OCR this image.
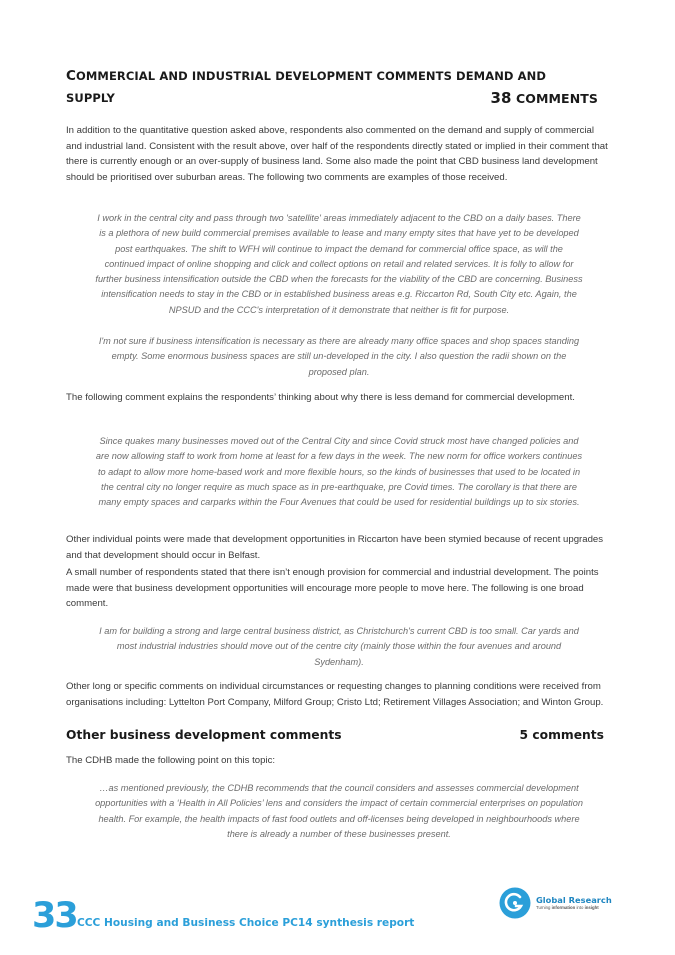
COMMERCIAL AND INDUSTRIAL DEVELOPMENT COMMENTS DEMAND AND
SUPPLY	38 COMMENTS

In addition to the quantitative question asked above, respondents also commented on the demand and supply of commercial and industrial land. Consistent with the result above, over half of the respondents directly stated or implied in their comment that there is currently enough or an over-supply of business land. Some also made the point that CBD business land development should be prioritised over suburban areas. The following two comments are examples of those received.

I work in the central city and pass through two 'satellite' areas immediately adjacent to the CBD on a daily bases. There is a plethora of new build commercial premises available to lease and many empty sites that have yet to be developed post earthquakes. The shift to WFH will continue to impact the demand for commercial office space, as will the continued impact of online shopping and click and collect options on retail and related services. It is folly to allow for further business intensification outside the CBD when the forecasts for the viability of the CBD are concerning. Business intensification needs to stay in the CBD or in established business areas e.g. Riccarton Rd, South City etc. Again, the NPSUD and the CCC's interpretation of it demonstrate that neither is fit for purpose.

I'm not sure if business intensification is necessary as there are already many office spaces and shop spaces standing empty. Some enormous business spaces are still un-developed in the city. I also question the radii shown on the proposed plan.

The following comment explains the respondents’ thinking about why there is less demand for commercial development.

Since quakes many businesses moved out of the Central City and since Covid struck most have changed policies and are now allowing staff to work from home at least for a few days in the week. The new norm for office workers continues to adapt to allow more home-based work and more flexible hours, so the kinds of businesses that used to be located in the central city no longer require as much space as in pre-earthquake, pre Covid times. The corollary is that there are many empty spaces and carparks within the Four Avenues that could be used for residential buildings up to six stories.

Other individual points were made that development opportunities in Riccarton have been stymied because of recent upgrades and that development should occur in Belfast.

A small number of respondents stated that there isn’t enough provision for commercial and industrial development. The points made were that business development opportunities will encourage more people to move here. The following is one broad comment.

I am for building a strong and large central business district, as Christchurch's current CBD is too small. Car yards and most industrial industries should move out of the centre city (mainly those within the four avenues and around Sydenham).

Other long or specific comments on individual circumstances or requesting changes to planning conditions were received from organisations including: Lyttelton Port Company, Milford Group; Cristo Ltd; Retirement Villages Association; and Winton Group.

Other business development comments	5 comments

The CDHB made the following point on this topic:

…as mentioned previously, the CDHB recommends that the council considers and assesses commercial development opportunities with a ‘Health in All Policies’ lens and considers the impact of certain commercial enterprises on population health. For example, the health impacts of fast food outlets and off-licenses being developed in neighbourhoods where there is already a number of these businesses present.

Global Research
Turning information into insight
33 CCC Housing and Business Choice PC14 synthesis report
